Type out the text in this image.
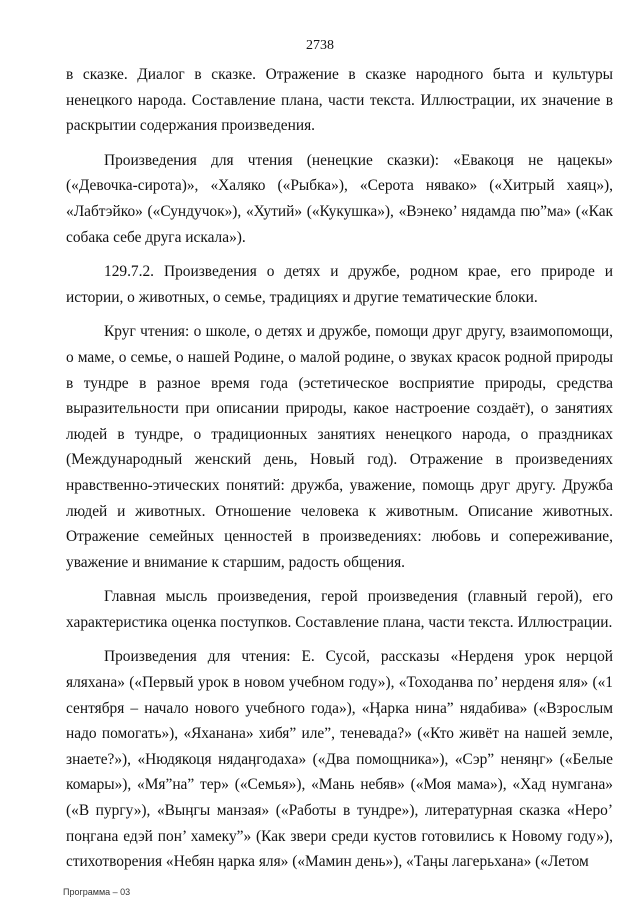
2738

в сказке. Диалог в сказке. Отражение в сказке народного быта и культуры ненецкого народа. Составление плана, части текста. Иллюстрации, их значение в раскрытии содержания произведения.

Произведения для чтения (ненецкие сказки): «Евакоця не ӊацекы» («Девочка-сирота)», «Халяко («Рыбка»), «Серота нявако» («Хитрый хаяц»), «Лабтэйко» («Сундучок»), «Хутий» («Кукушка»), «Вэнеко’ нядамда пю”ма» («Как собака себе друга искала»).

129.7.2. Произведения о детях и дружбе, родном крае, его природе и истории, о животных, о семье, традициях и другие тематические блоки.

Круг чтения: о школе, о детях и дружбе, помощи друг другу, взаимопомощи, о маме, о семье, о нашей Родине, о малой родине, о звуках красок родной природы в тундре в разное время года (эстетическое восприятие природы, средства выразительности при описании природы, какое настроение создаёт), о занятиях людей в тундре, о традиционных занятиях ненецкого народа, о праздниках (Международный женский день, Новый год). Отражение в произведениях нравственно-этических понятий: дружба, уважение, помощь друг другу. Дружба людей и животных. Отношение человека к животным. Описание животных. Отражение семейных ценностей в произведениях: любовь и сопереживание, уважение и внимание к старшим, радость общения.

Главная мысль произведения, герой произведения (главный герой), его характеристика оценка поступков. Составление плана, части текста. Иллюстрации.

Произведения для чтения: Е. Сусой, рассказы «Нерденя урок нерцой яляхана» («Первый урок в новом учебном году»), «Тоходанва по’ нерденя яля» («1 сентября – начало нового учебного года»), «Ӊарка нина” нядабива» («Взрослым надо помогать»), «Яханана» хибя” иле”, теневада?» («Кто живёт на нашей земле, знаете?»), «Нюдякоця нядаӊгодаха» («Два помощника»), «Сэр” неняӊг» («Белые комары»), «Мя”на” тер» («Семья»), «Мань небяв» («Моя мама»), «Хад нумгана» («В пургу»), «Выӊгы манзая» («Работы в тундре»), литературная сказка «Неро’ поӊгана едэй пон’ хамеку”» (Как звери среди кустов готовились к Новому году»), стихотворения «Небян ӊарка яля» («Мамин день»), «Таӊы лагерьхана» («Летом

Программа – 03
